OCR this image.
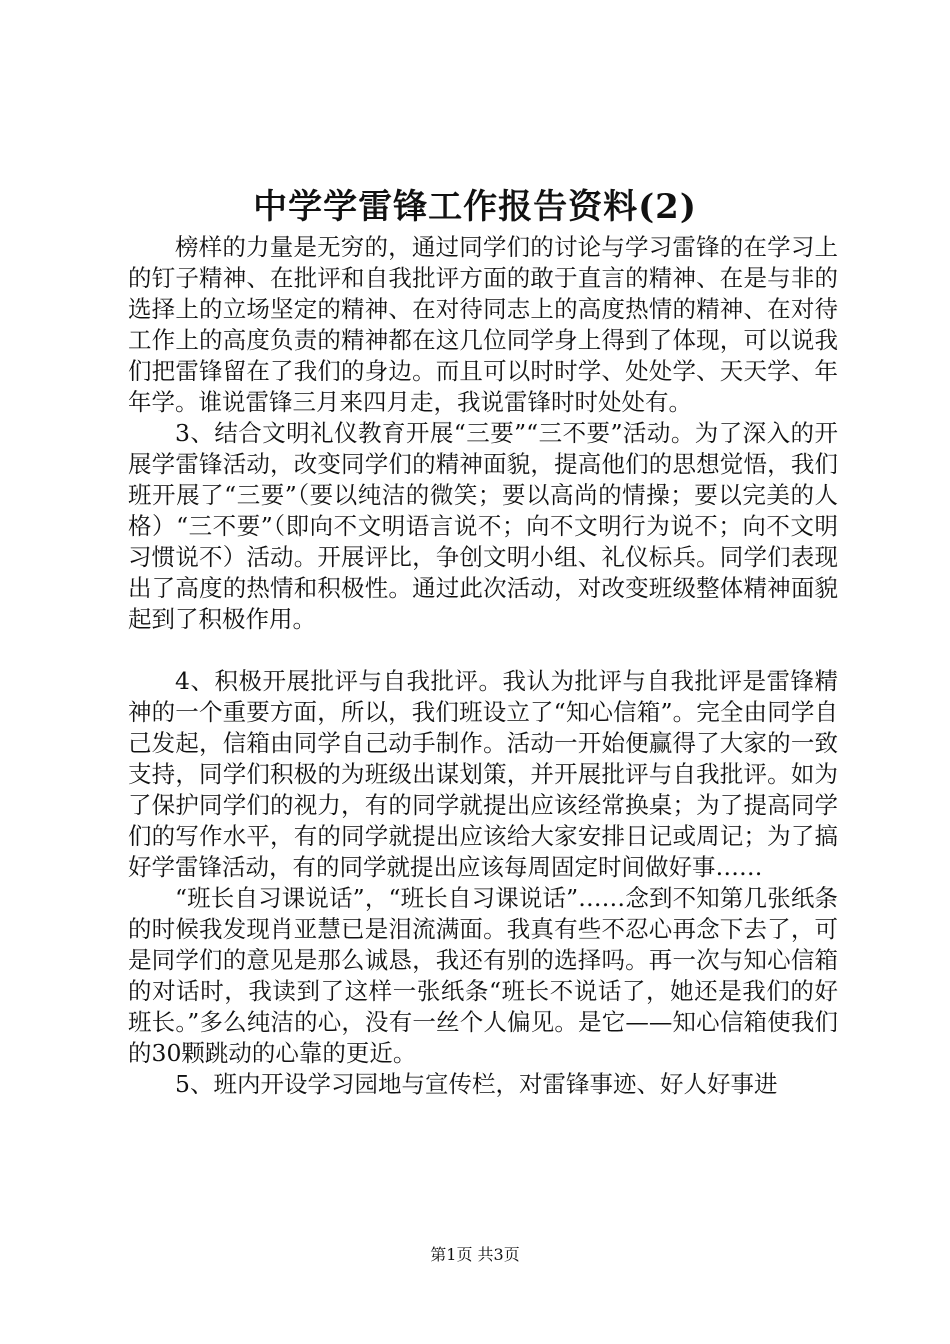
中学学雷锋工作报告资料(2)

榜样的力量是无穷的，通过同学们的讨论与学习雷锋的在学习上的钉子精神、在批评和自我批评方面的敢于直言的精神、在是与非的选择上的立场坚定的精神、在对待同志上的高度热情的精神、在对待工作上的高度负责的精神都在这几位同学身上得到了体现，可以说我们把雷锋留在了我们的身边。而且可以时时学、处处学、天天学、年年学。谁说雷锋三月来四月走，我说雷锋时时处处有。

3、结合文明礼仪教育开展“三要”“三不要”活动。为了深入的开展学雷锋活动，改变同学们的精神面貌，提高他们的思想觉悟，我们班开展了“三要”（要以纯洁的微笑；要以高尚的情操；要以完美的人格）“三不要”（即向不文明语言说不；向不文明行为说不；向不文明习惯说不）活动。开展评比，争创文明小组、礼仪标兵。同学们表现出了高度的热情和积极性。通过此次活动，对改变班级整体精神面貌起到了积极作用。

4、积极开展批评与自我批评。我认为批评与自我批评是雷锋精神的一个重要方面，所以，我们班设立了“知心信箱”。完全由同学自己发起，信箱由同学自己动手制作。活动一开始便赢得了大家的一致支持，同学们积极的为班级出谋划策，并开展批评与自我批评。如为了保护同学们的视力，有的同学就提出应该经常换桌；为了提高同学们的写作水平，有的同学就提出应该给大家安排日记或周记；为了搞好学雷锋活动，有的同学就提出应该每周固定时间做好事……

“班长自习课说话”，“班长自习课说话”……念到不知第几张纸条的时候我发现肖亚慧已是泪流满面。我真有些不忍心再念下去了，可是同学们的意见是那么诚恳，我还有别的选择吗。再一次与知心信箱的对话时，我读到了这样一张纸条“班长不说话了，她还是我们的好班长。”多么纯洁的心，没有一丝个人偏见。是它——知心信箱使我们的30颗跳动的心靠的更近。

5、班内开设学习园地与宣传栏，对雷锋事迹、好人好事进

第1页 共3页
